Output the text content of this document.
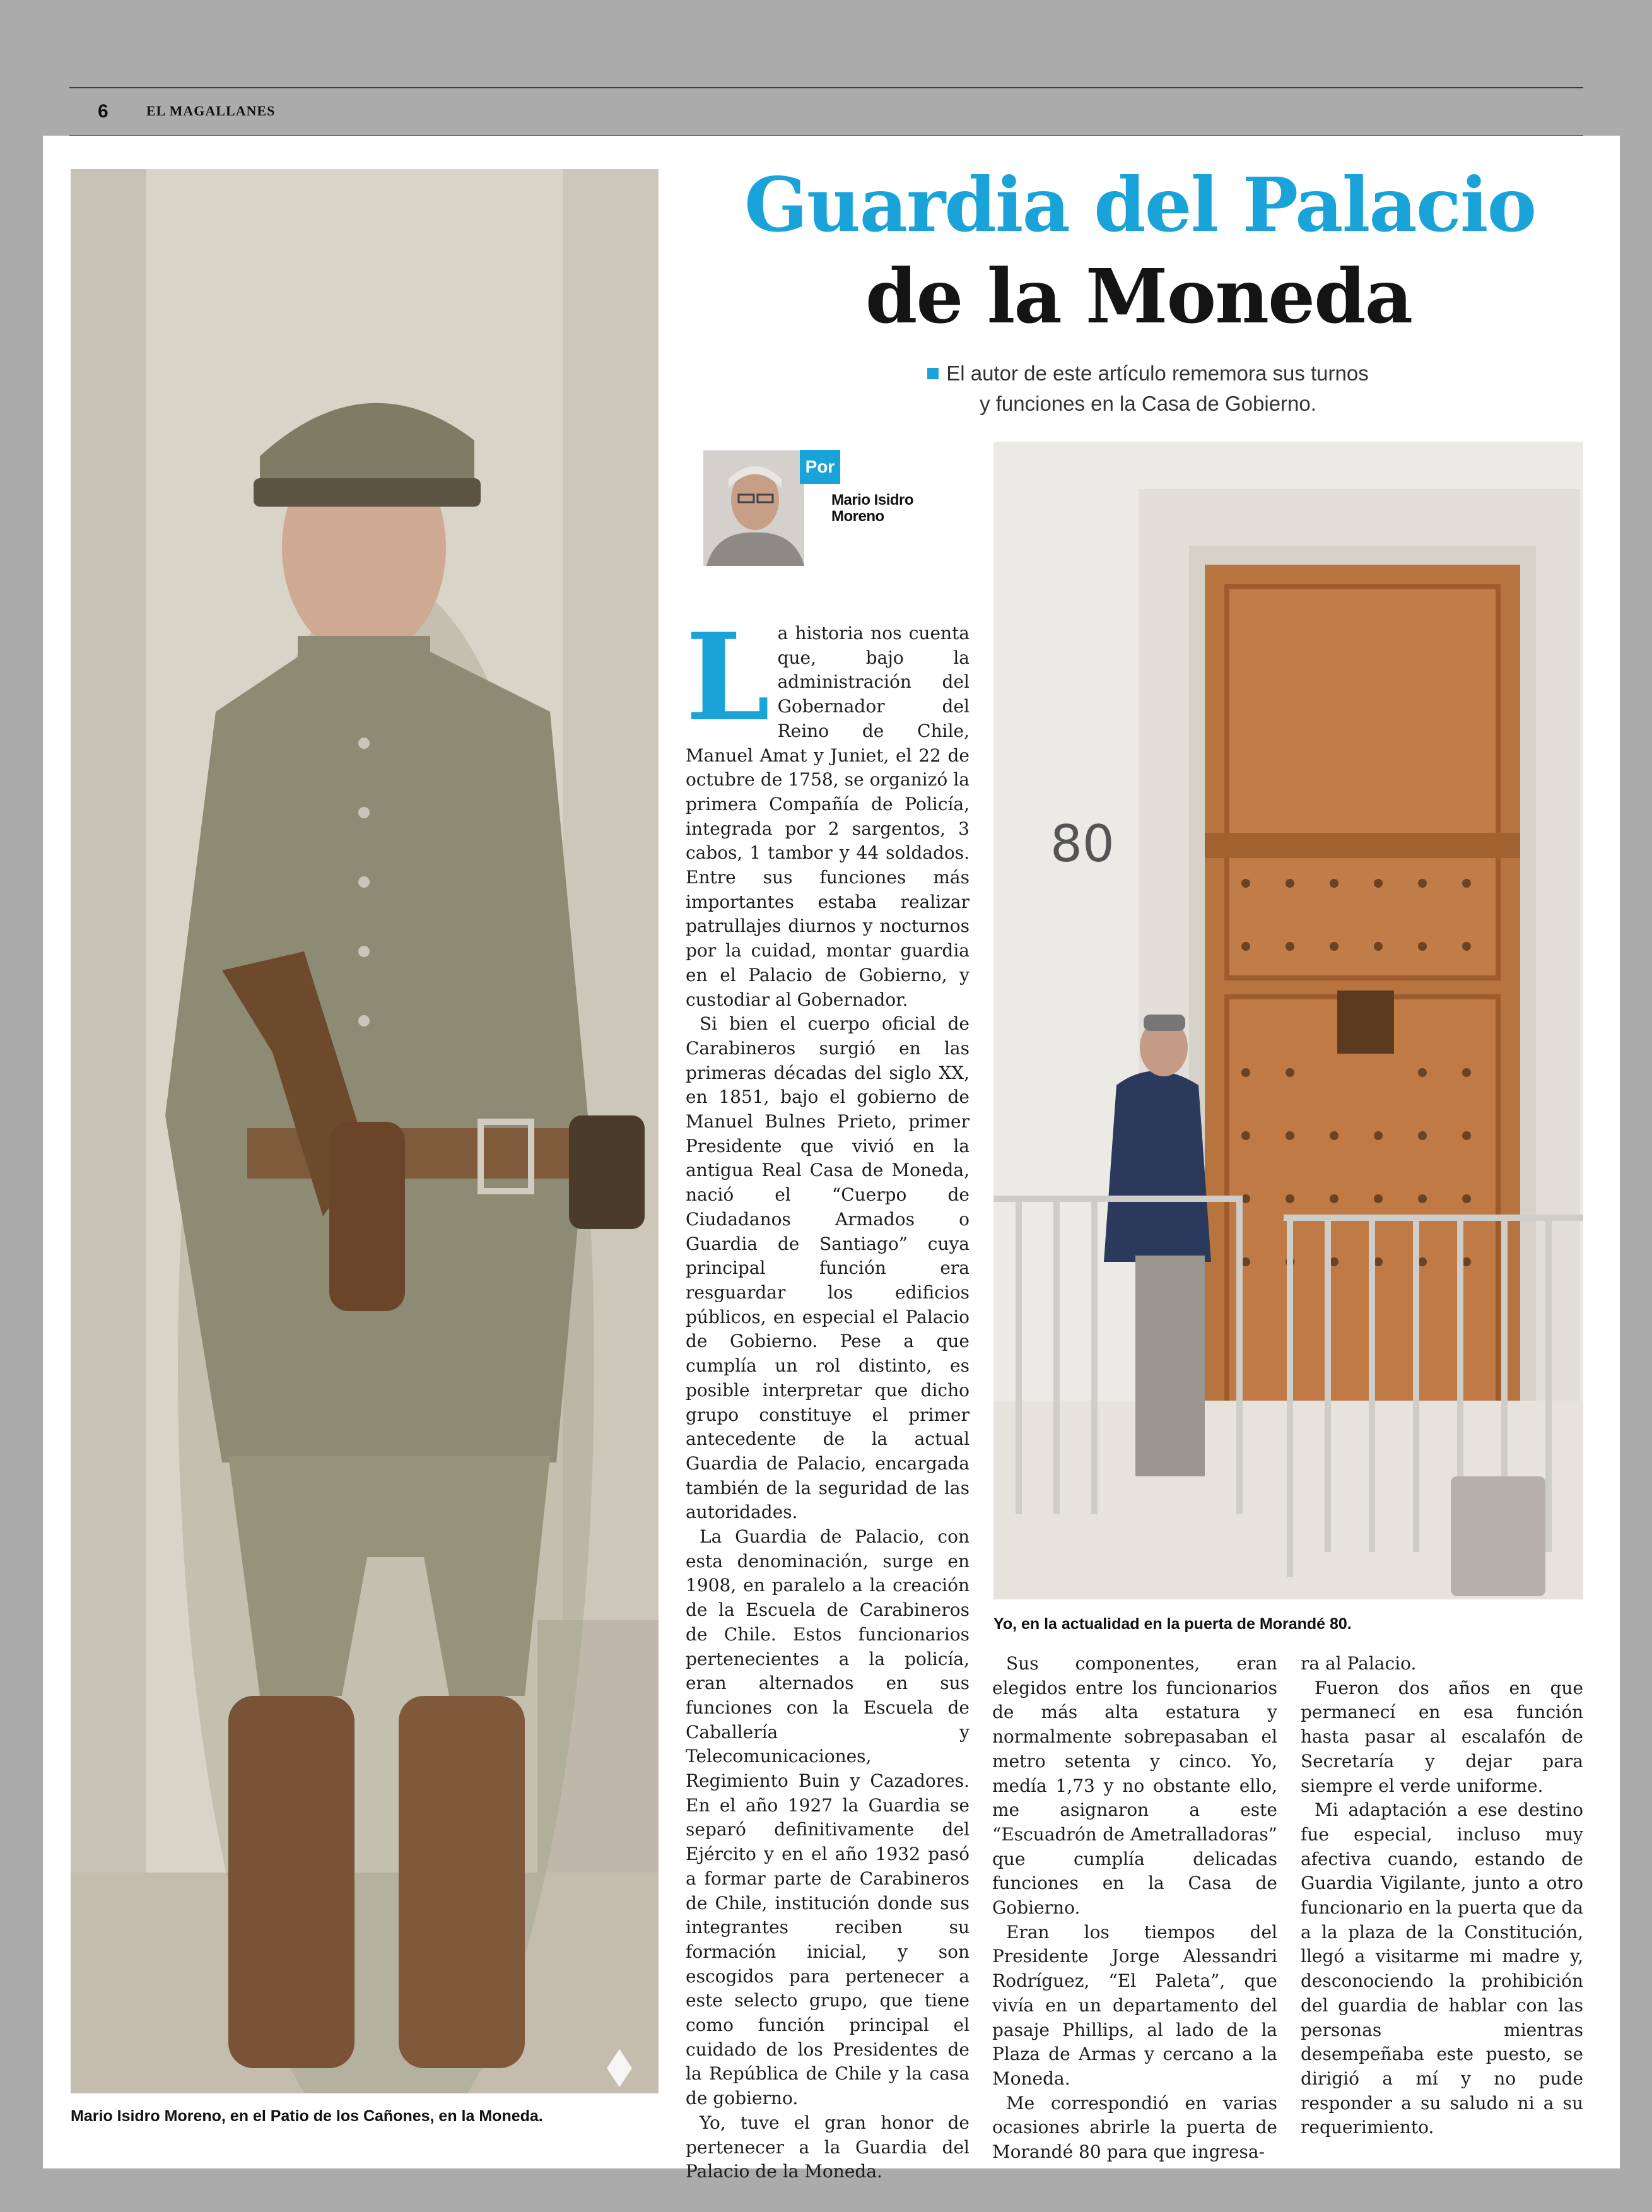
6	EL MAGALLANES
Mario Isidro Moreno, en el Patio de los Cañones, en la Moneda.
Guardia del Palacio
de la Moneda
El autor de este artículo rememora sus turnos
y funciones en la Casa de Gobierno.
Por
Mario Isidro
Moreno
80
Yo, en la actualidad en la puerta de Morandé 80.

La historia nos cuenta que, bajo la administración del Gobernador del Reino de Chile, Manuel Amat y Juniet, el 22 de octubre de 1758, se organizó la primera Compañía de Policía, integrada por 2 sargentos, 3 cabos, 1 tambor y 44 soldados. Entre sus funciones más importantes estaba realizar patrullajes diurnos y nocturnos por la cuidad, montar guardia en el Palacio de Gobierno, y custodiar al Gobernador.

Si bien el cuerpo oficial de Carabineros surgió en las primeras décadas del siglo XX, en 1851, bajo el gobierno de Manuel Bulnes Prieto, primer Presidente que vivió en la antigua Real Casa de Moneda, nació el “Cuerpo de Ciudadanos Armados o Guardia de Santiago” cuya principal función era resguardar los edificios públicos, en especial el Palacio de Gobierno. Pese a que cumplía un rol distinto, es posible interpretar que dicho grupo constituye el primer antecedente de la actual Guardia de Palacio, encargada también de la seguridad de las autoridades.

La Guardia de Palacio, con esta denominación, surge en 1908, en paralelo a la creación de la Escuela de Carabineros de Chile. Estos funcionarios pertenecientes a la policía, eran alternados en sus funciones con la Escuela de Caballería y Telecomunicaciones, Regimiento Buin y Cazadores. En el año 1927 la Guardia se separó definitivamente del Ejército y en el año 1932 pasó a formar parte de Carabineros de Chile, institución donde sus integrantes reciben su formación inicial, y son escogidos para pertenecer a este selecto grupo, que tiene como función principal el cuidado de los Presidentes de la República de Chile y la casa de gobierno.

Yo, tuve el gran honor de pertenecer a la Guardia del Palacio de la Moneda.

Sus componentes, eran elegidos entre los funcionarios de más alta estatura y normalmente sobrepasaban el metro setenta y cinco. Yo, medía 1,73 y no obstante ello, me asignaron a este “Escuadrón de Ametralladoras” que cumplía delicadas funciones en la Casa de Gobierno.

Eran los tiempos del Presidente Jorge Alessandri Rodríguez, “El Paleta”, que vivía en un departamento del pasaje Phillips, al lado de la Plaza de Armas y cercano a la Moneda.

Me correspondió en varias ocasiones abrirle la puerta de Morandé 80 para que ingresa-

ra al Palacio.

Fueron dos años en que permanecí en esa función hasta pasar al escalafón de Secretaría y dejar para siempre el verde uniforme.

Mi adaptación a ese destino fue especial, incluso muy afectiva cuando, estando de Guardia Vigilante, junto a otro funcionario en la puerta que da a la plaza de la Constitución, llegó a visitarme mi madre y, desconociendo la prohibición del guardia de hablar con las personas mientras desempeñaba este puesto, se dirigió a mí y no pude responder a su saludo ni a su requerimiento.
